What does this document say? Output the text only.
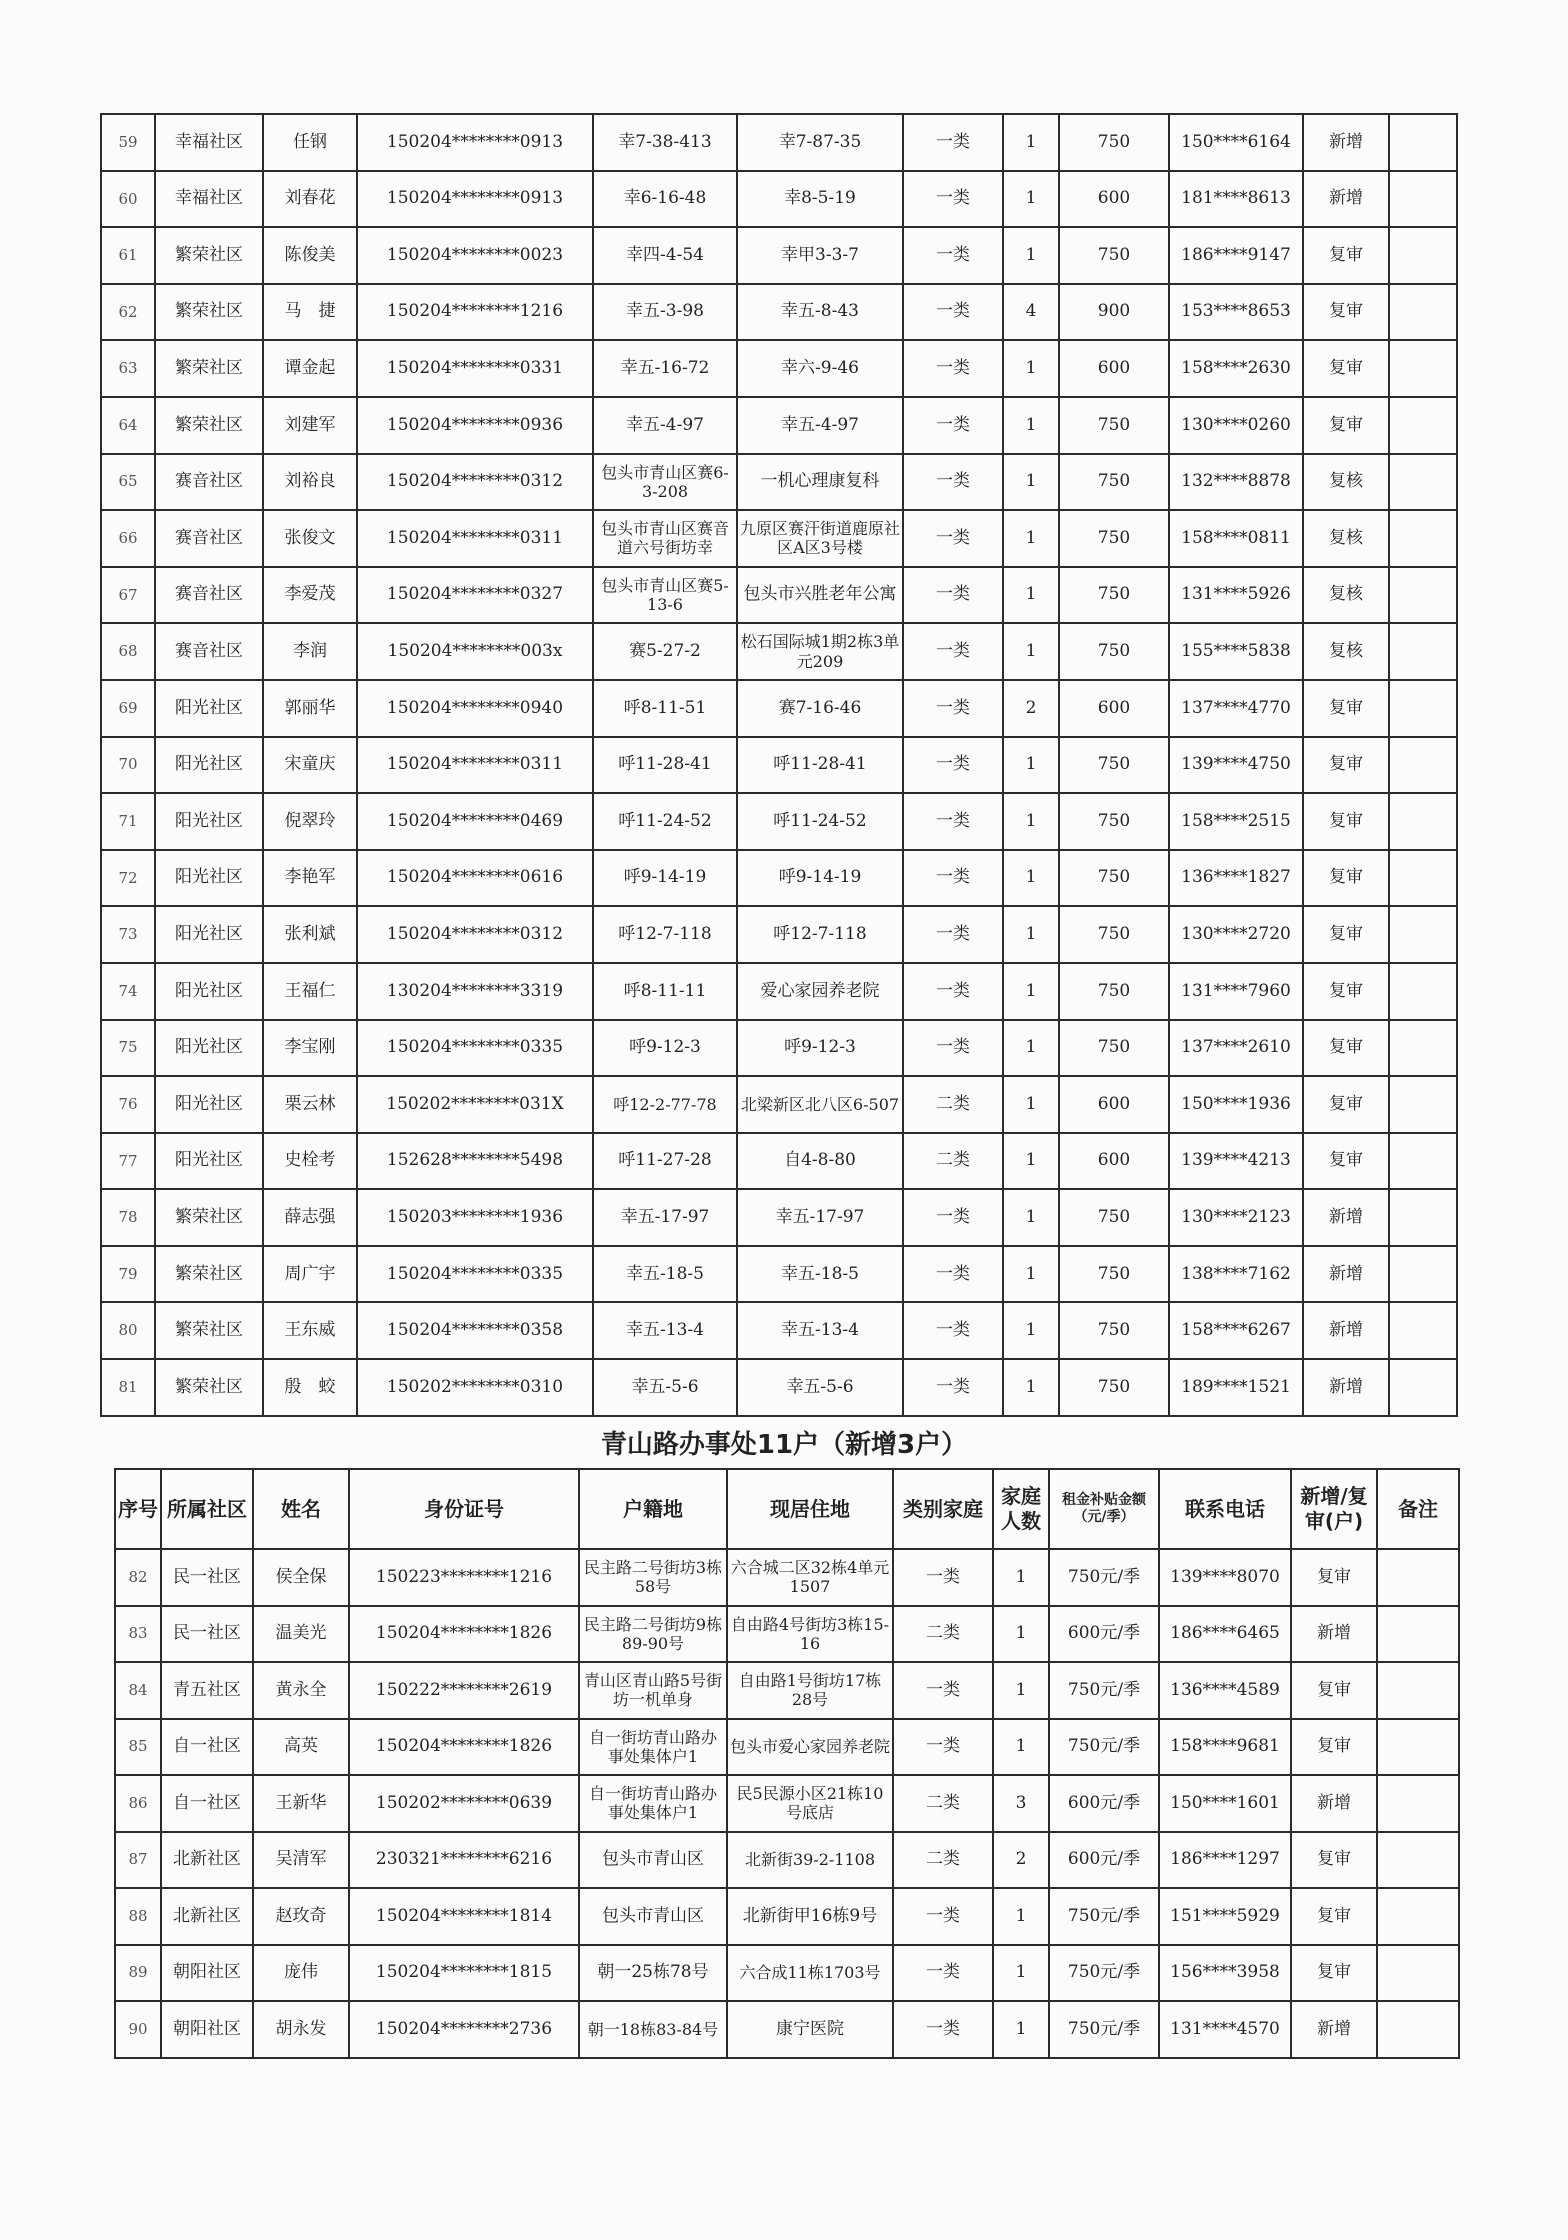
59	幸福社区	任钢	150204********0913	幸7-38-413	幸7-87-35	一类	1	750	150****6164	新增	
60	幸福社区	刘春花	150204********0913	幸6-16-48	幸8-5-19	一类	1	600	181****8613	新增	
61	繁荣社区	陈俊美	150204********0023	幸四-4-54	幸甲3-3-7	一类	1	750	186****9147	复审	
62	繁荣社区	马　捷	150204********1216	幸五-3-98	幸五-8-43	一类	4	900	153****8653	复审	
63	繁荣社区	谭金起	150204********0331	幸五-16-72	幸六-9-46	一类	1	600	158****2630	复审	
64	繁荣社区	刘建军	150204********0936	幸五-4-97	幸五-4-97	一类	1	750	130****0260	复审	
65	赛音社区	刘裕良	150204********0312	包头市青山区赛6-3-208	一机心理康复科	一类	1	750	132****8878	复核	
66	赛音社区	张俊文	150204********0311	包头市青山区赛音道六号街坊幸	九原区赛汗街道鹿原社区A区3号楼	一类	1	750	158****0811	复核	
67	赛音社区	李爱茂	150204********0327	包头市青山区赛5-13-6	包头市兴胜老年公寓	一类	1	750	131****5926	复核	
68	赛音社区	李润	150204********003x	赛5-27-2	松石国际城1期2栋3单元209	一类	1	750	155****5838	复核	
69	阳光社区	郭丽华	150204********0940	呼8-11-51	赛7-16-46	一类	2	600	137****4770	复审	
70	阳光社区	宋童庆	150204********0311	呼11-28-41	呼11-28-41	一类	1	750	139****4750	复审	
71	阳光社区	倪翠玲	150204********0469	呼11-24-52	呼11-24-52	一类	1	750	158****2515	复审	
72	阳光社区	李艳军	150204********0616	呼9-14-19	呼9-14-19	一类	1	750	136****1827	复审	
73	阳光社区	张利斌	150204********0312	呼12-7-118	呼12-7-118	一类	1	750	130****2720	复审	
74	阳光社区	王福仁	130204********3319	呼8-11-11	爱心家园养老院	一类	1	750	131****7960	复审	
75	阳光社区	李宝刚	150204********0335	呼9-12-3	呼9-12-3	一类	1	750	137****2610	复审	
76	阳光社区	栗云林	150202********031X	呼12-2-77-78	北梁新区北八区6-507	二类	1	600	150****1936	复审	
77	阳光社区	史栓考	152628********5498	呼11-27-28	自4-8-80	二类	1	600	139****4213	复审	
78	繁荣社区	薛志强	150203********1936	幸五-17-97	幸五-17-97	一类	1	750	130****2123	新增	
79	繁荣社区	周广宇	150204********0335	幸五-18-5	幸五-18-5	一类	1	750	138****7162	新增	
80	繁荣社区	王东威	150204********0358	幸五-13-4	幸五-13-4	一类	1	750	158****6267	新增	
81	繁荣社区	殷　蛟	150202********0310	幸五-5-6	幸五-5-6	一类	1	750	189****1521	新增	
青山路办事处11户（新增3户）
序号	所属社区	姓名	身份证号	户籍地	现居住地	类别家庭	家庭人数	租金补贴金额（元/季）	联系电话	新增/复审(户)	备注
82	民一社区	侯全保	150223********1216	民主路二号街坊3栋58号	六合城二区32栋4单元1507	一类	1	750元/季	139****8070	复审	
83	民一社区	温美光	150204********1826	民主路二号街坊9栋89-90号	自由路4号街坊3栋15-16	二类	1	600元/季	186****6465	新增	
84	青五社区	黄永全	150222********2619	青山区青山路5号街坊一机单身	自由路1号街坊17栋28号	一类	1	750元/季	136****4589	复审	
85	自一社区	高英	150204********1826	自一街坊青山路办事处集体户1	包头市爱心家园养老院	一类	1	750元/季	158****9681	复审	
86	自一社区	王新华	150202********0639	自一街坊青山路办事处集体户1	民5民源小区21栋10号底店	二类	3	600元/季	150****1601	新增	
87	北新社区	吴清军	230321********6216	包头市青山区	北新街39-2-1108	二类	2	600元/季	186****1297	复审	
88	北新社区	赵玫奇	150204********1814	包头市青山区	北新街甲16栋9号	一类	1	750元/季	151****5929	复审	
89	朝阳社区	庞伟	150204********1815	朝一25栋78号	六合成11栋1703号	一类	1	750元/季	156****3958	复审	
90	朝阳社区	胡永发	150204********2736	朝一18栋83-84号	康宁医院	一类	1	750元/季	131****4570	新增	
